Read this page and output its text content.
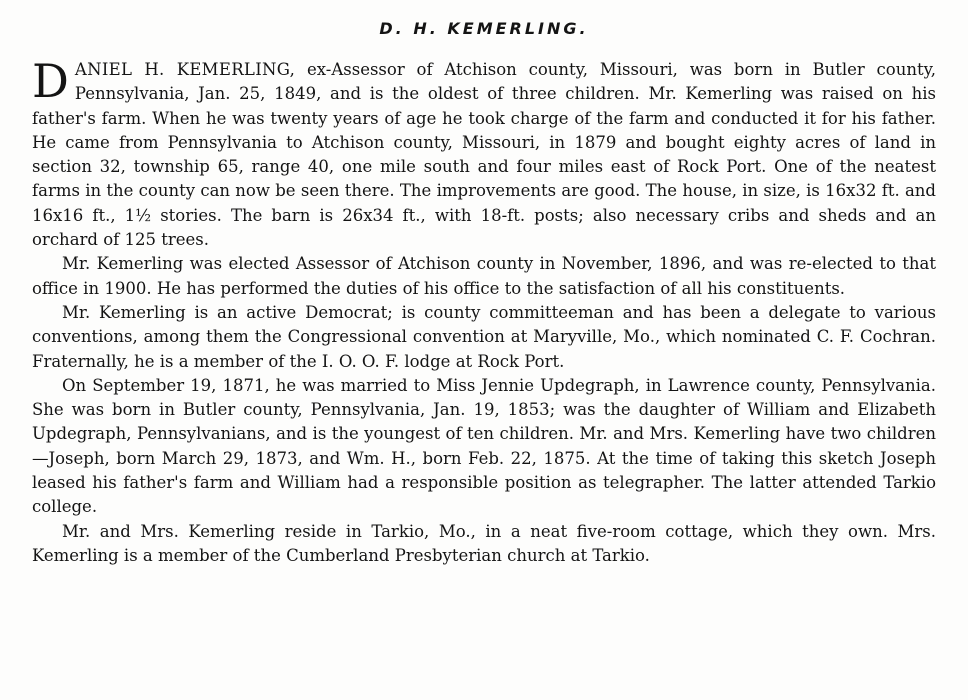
D. H. KEMERLING.

DANIEL H. KEMERLING, ex-Assessor of Atchison county, Missouri, was born in Butler county, Pennsylvania, Jan. 25, 1849, and is the oldest of three children. Mr. Kemerling was raised on his father's farm. When he was twenty years of age he took charge of the farm and conducted it for his father. He came from Pennsylvania to Atchison county, Missouri, in 1879 and bought eighty acres of land in section 32, township 65, range 40, one mile south and four miles east of Rock Port. One of the neatest farms in the county can now be seen there. The improvements are good. The house, in size, is 16x32 ft. and 16x16 ft., 1½ stories. The barn is 26x34 ft., with 18-ft. posts; also necessary cribs and sheds and an orchard of 125 trees.

Mr. Kemerling was elected Assessor of Atchison county in November, 1896, and was re-elected to that office in 1900. He has performed the duties of his office to the satisfaction of all his constituents.

Mr. Kemerling is an active Democrat; is county committeeman and has been a delegate to various conventions, among them the Congressional convention at Maryville, Mo., which nominated C. F. Cochran. Fraternally, he is a member of the I. O. O. F. lodge at Rock Port.

On September 19, 1871, he was married to Miss Jennie Updegraph, in Lawrence county, Pennsylvania. She was born in Butler county, Pennsylvania, Jan. 19, 1853; was the daughter of William and Elizabeth Updegraph, Pennsylvanians, and is the youngest of ten children. Mr. and Mrs. Kemerling have two children—Joseph, born March 29, 1873, and Wm. H., born Feb. 22, 1875. At the time of taking this sketch Joseph leased his father's farm and William had a responsible position as telegrapher. The latter attended Tarkio college.

Mr. and Mrs. Kemerling reside in Tarkio, Mo., in a neat five-room cottage, which they own. Mrs. Kemerling is a member of the Cumberland Presbyterian church at Tarkio.
